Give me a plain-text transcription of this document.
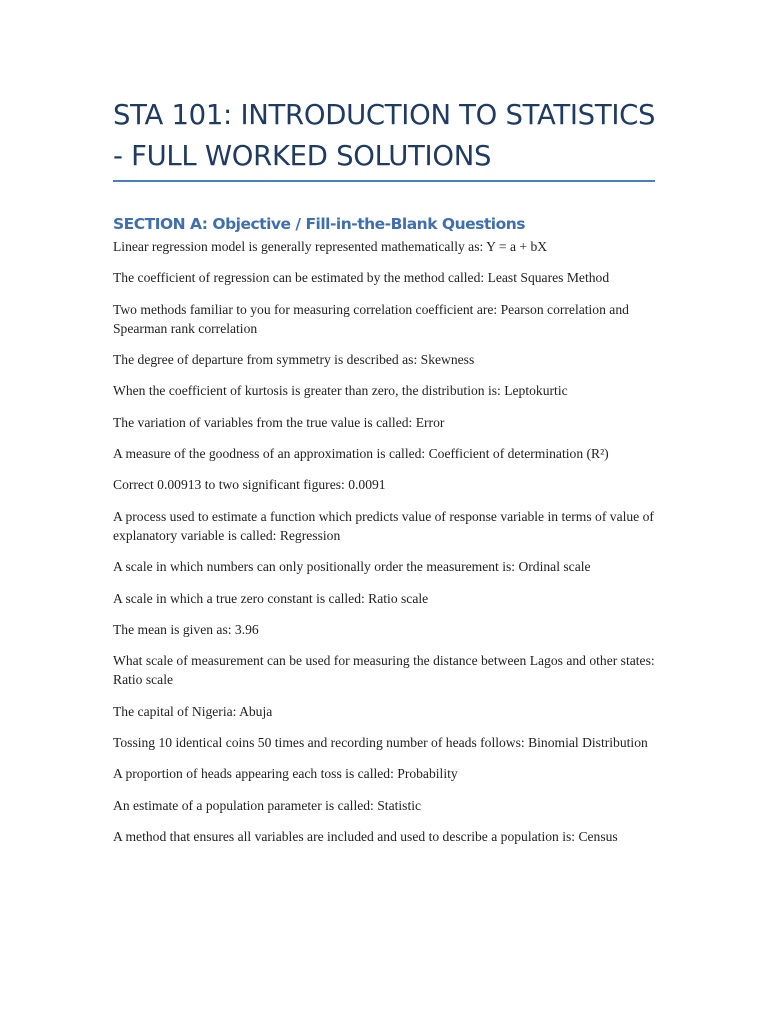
STA 101: INTRODUCTION TO STATISTICS - FULL WORKED SOLUTIONS
SECTION A: Objective / Fill-in-the-Blank Questions
Linear regression model is generally represented mathematically as: Y = a + bX
The coefficient of regression can be estimated by the method called: Least Squares Method
Two methods familiar to you for measuring correlation coefficient are: Pearson correlation and Spearman rank correlation
The degree of departure from symmetry is described as: Skewness
When the coefficient of kurtosis is greater than zero, the distribution is: Leptokurtic
The variation of variables from the true value is called: Error
A measure of the goodness of an approximation is called: Coefficient of determination (R²)
Correct 0.00913 to two significant figures: 0.0091
A process used to estimate a function which predicts value of response variable in terms of value of explanatory variable is called: Regression
A scale in which numbers can only positionally order the measurement is: Ordinal scale
A scale in which a true zero constant is called: Ratio scale
The mean is given as: 3.96
What scale of measurement can be used for measuring the distance between Lagos and other states: Ratio scale
The capital of Nigeria: Abuja
Tossing 10 identical coins 50 times and recording number of heads follows: Binomial Distribution
A proportion of heads appearing each toss is called: Probability
An estimate of a population parameter is called: Statistic
A method that ensures all variables are included and used to describe a population is: Census
